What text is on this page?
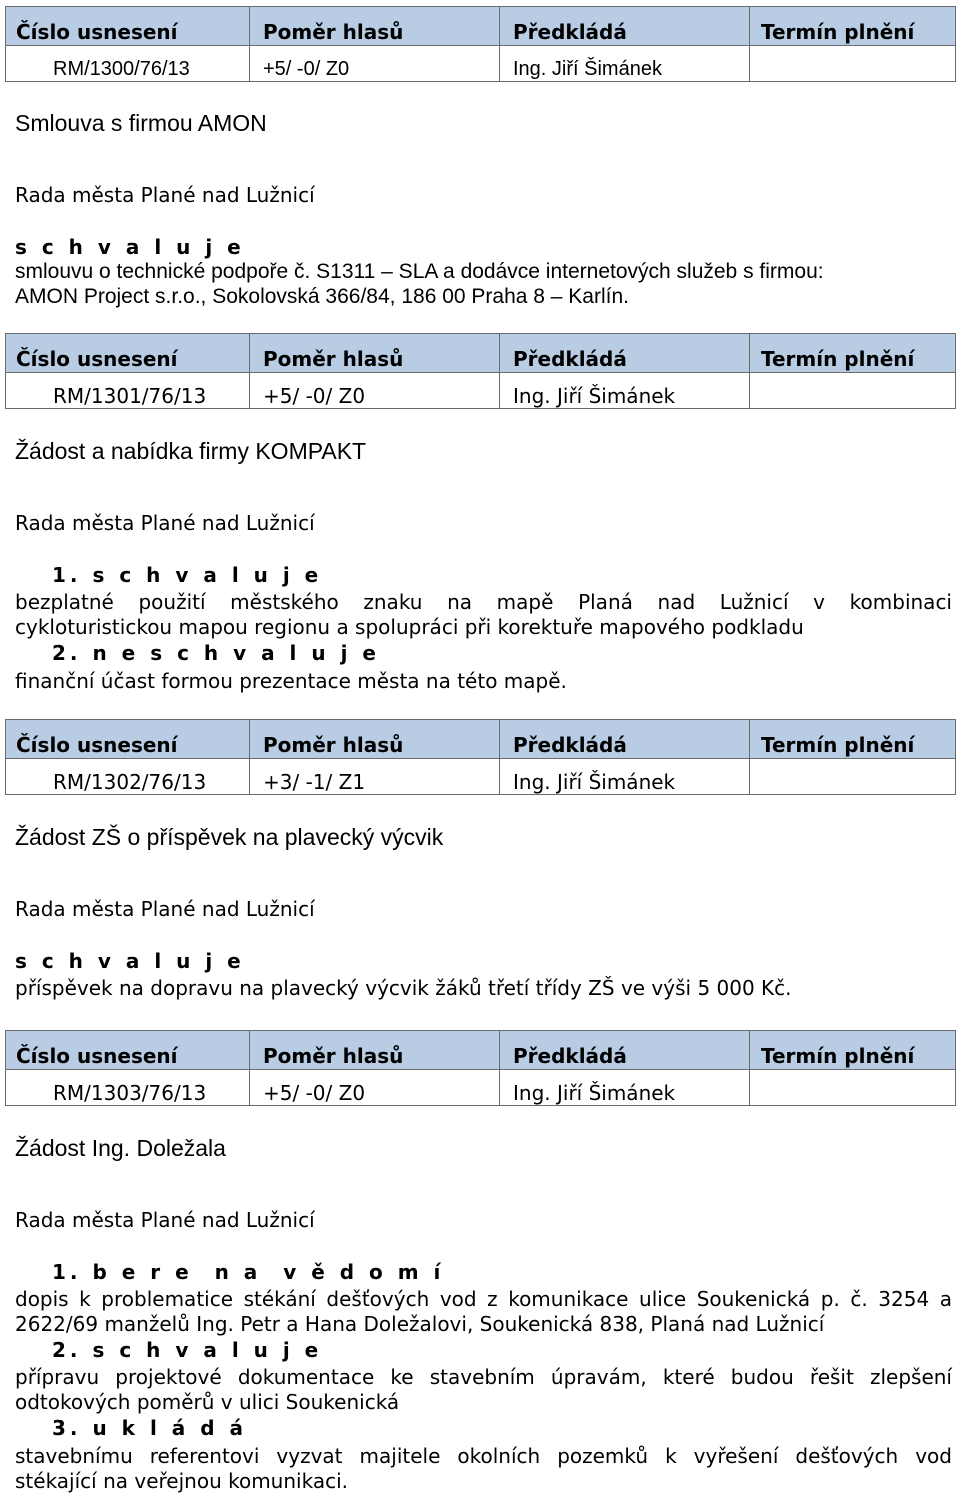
Číslo usnesení	Poměr hlasů	Předkládá	Termín plnění
RM/1300/76/13	+5/ -0/ Z0	Ing. Jiří Šimánek	
Smlouva s firmou AMON
Rada města Plané nad Lužnicí
s c h v a l u j e
smlouvu o technické podpoře č. S1311 – SLA a dodávce internetových služeb s firmou:
AMON Project s.r.o., Sokolovská 366/84, 186 00 Praha 8 – Karlín.
Číslo usnesení	Poměr hlasů	Předkládá	Termín plnění
RM/1301/76/13	+5/ -0/ Z0	Ing. Jiří Šimánek	
Žádost a nabídka firmy KOMPAKT
Rada města Plané nad Lužnicí
1. s c h v a l u j e
bezplatné použití městského znaku na mapě Planá nad Lužnicí v kombinaci
cykloturistickou mapou regionu a spolupráci při korektuře mapového podkladu
2. n e s c h v a l u j e
finanční účast formou prezentace města na této mapě.
Číslo usnesení	Poměr hlasů	Předkládá	Termín plnění
RM/1302/76/13	+3/ -1/ Z1	Ing. Jiří Šimánek	
Žádost ZŠ o příspěvek na plavecký výcvik
Rada města Plané nad Lužnicí
s c h v a l u j e
příspěvek na dopravu na plavecký výcvik žáků třetí třídy ZŠ ve výši 5 000 Kč.
Číslo usnesení	Poměr hlasů	Předkládá	Termín plnění
RM/1303/76/13	+5/ -0/ Z0	Ing. Jiří Šimánek	
Žádost Ing. Doležala
Rada města Plané nad Lužnicí
1. b e r e  n a  v ě d o m í
dopis k problematice stékání dešťových vod z komunikace ulice Soukenická p. č. 3254 a
2622/69 manželů Ing. Petr a Hana Doležalovi, Soukenická 838, Planá nad Lužnicí
2. s c h v a l u j e
přípravu projektové dokumentace ke stavebním úpravám, které budou řešit zlepšení
odtokových poměrů v ulici Soukenická
3. u k l á d á
stavebnímu referentovi vyzvat majitele okolních pozemků k vyřešení dešťových vod
stékající na veřejnou komunikaci.
